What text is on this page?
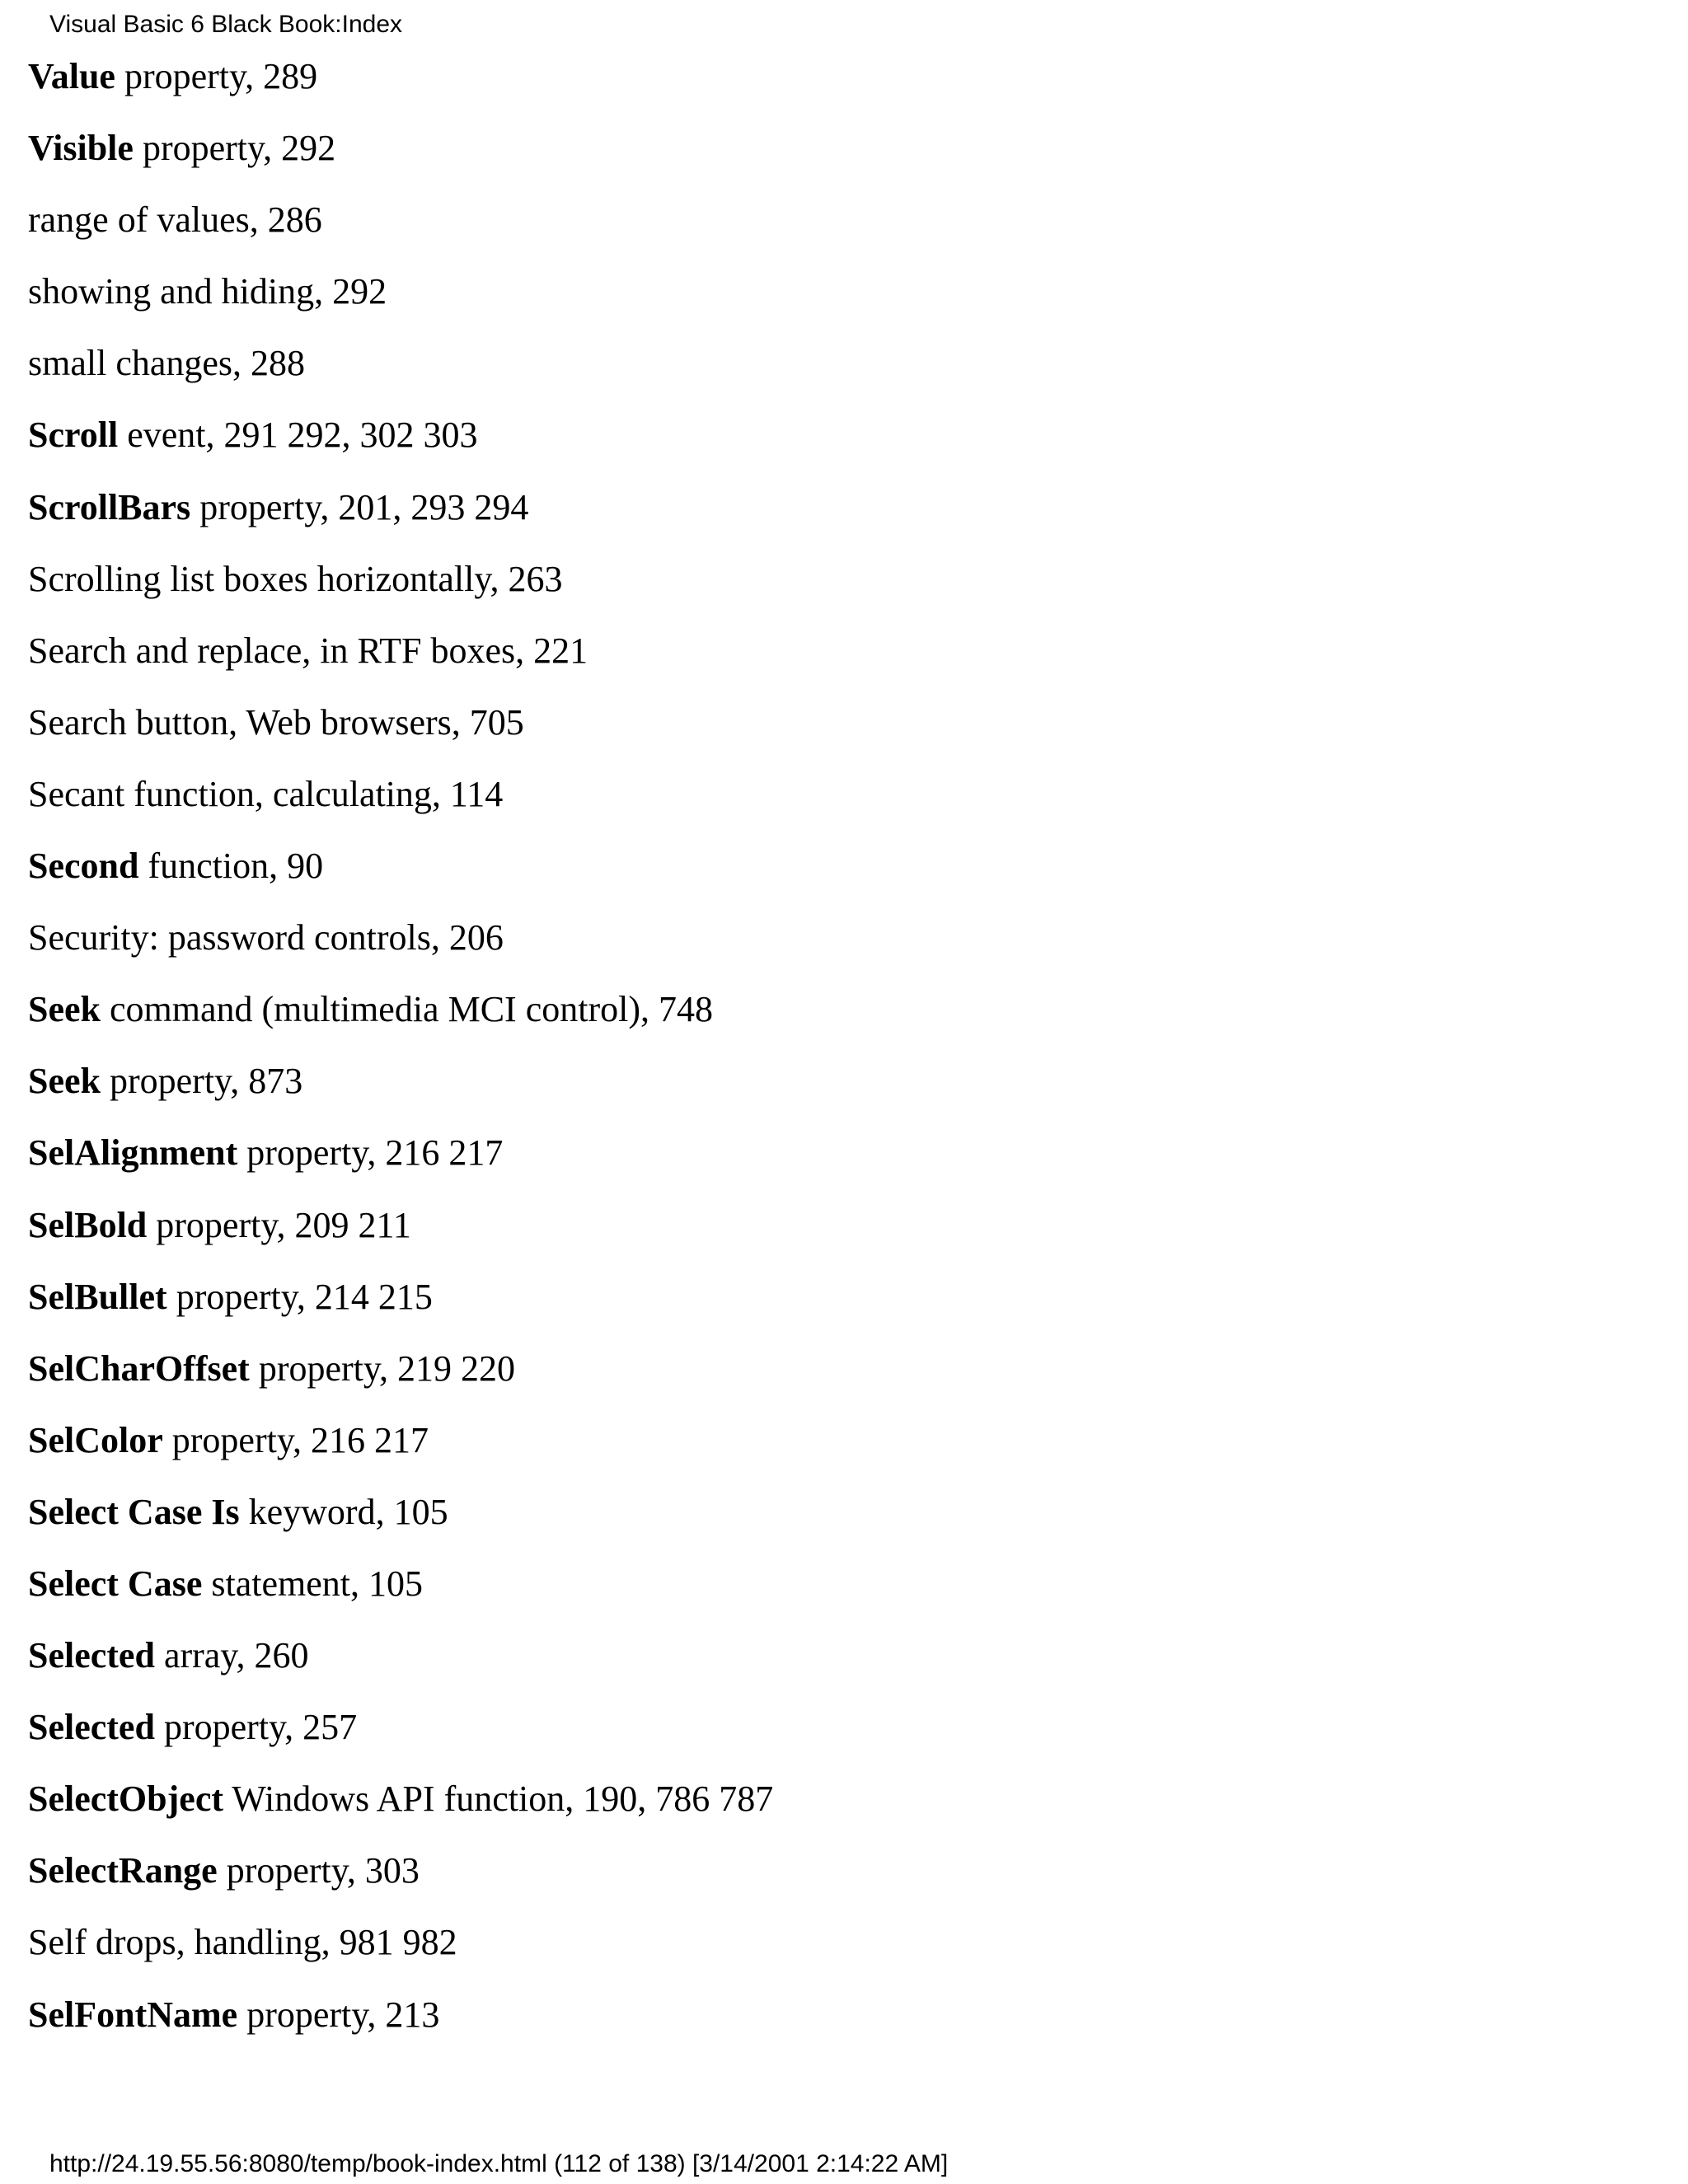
Visual Basic 6 Black Book:Index
Value property, 289
Visible property, 292
range of values, 286
showing and hiding, 292
small changes, 288
Scroll event, 291 292, 302 303
ScrollBars property, 201, 293 294
Scrolling list boxes horizontally, 263
Search and replace, in RTF boxes, 221
Search button, Web browsers, 705
Secant function, calculating, 114
Second function, 90
Security: password controls, 206
Seek command (multimedia MCI control), 748
Seek property, 873
SelAlignment property, 216 217
SelBold property, 209 211
SelBullet property, 214 215
SelCharOffset property, 219 220
SelColor property, 216 217
Select Case Is keyword, 105
Select Case statement, 105
Selected array, 260
Selected property, 257
SelectObject Windows API function, 190, 786 787
SelectRange property, 303
Self drops, handling, 981 982
SelFontName property, 213
http://24.19.55.56:8080/temp/book-index.html (112 of 138) [3/14/2001 2:14:22 AM]
